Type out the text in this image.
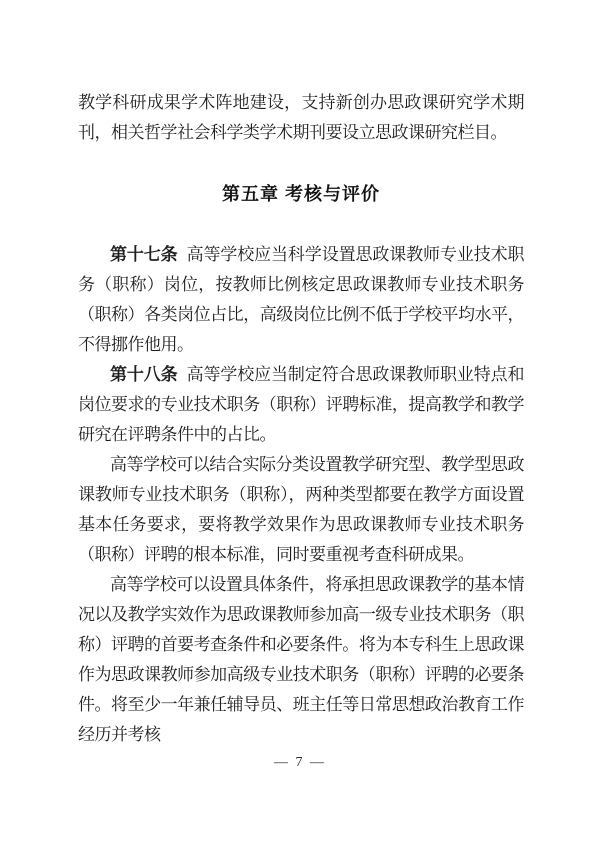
教学科研成果学术阵地建设，支持新创办思政课研究学术期刊，相关哲学社会科学类学术期刊要设立思政课研究栏目。

第五章 考核与评价

第十七条 高等学校应当科学设置思政课教师专业技术职务（职称）岗位，按教师比例核定思政课教师专业技术职务（职称）各类岗位占比，高级岗位比例不低于学校平均水平，不得挪作他用。

第十八条 高等学校应当制定符合思政课教师职业特点和岗位要求的专业技术职务（职称）评聘标准，提高教学和教学研究在评聘条件中的占比。

高等学校可以结合实际分类设置教学研究型、教学型思政课教师专业技术职务（职称），两种类型都要在教学方面设置基本任务要求，要将教学效果作为思政课教师专业技术职务（职称）评聘的根本标准，同时要重视考查科研成果。

高等学校可以设置具体条件，将承担思政课教学的基本情况以及教学实效作为思政课教师参加高一级专业技术职务（职称）评聘的首要考查条件和必要条件。将为本专科生上思政课作为思政课教师参加高级专业技术职务（职称）评聘的必要条件。将至少一年兼任辅导员、班主任等日常思想政治教育工作经历并考核

— 7 —
